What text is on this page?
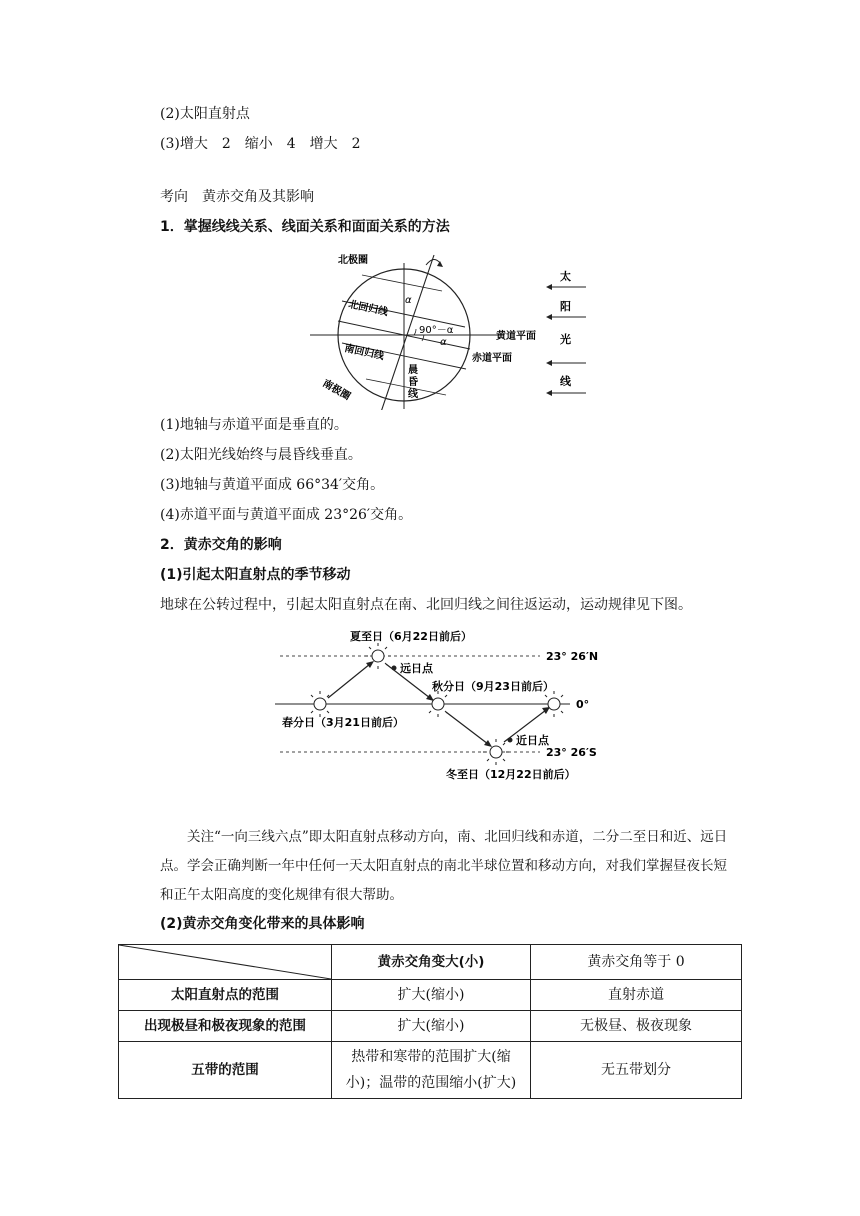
(2)太阳直射点
(3)增大　2　缩小　4　增大　2
考向　黄赤交角及其影响
1．掌握线线关系、线面关系和面面关系的方法
北极圈
北回归线
南回归线
南极圈
α
90°－α
α
黄道平面
赤道平面
晨
昏
线
太
阳
光
线
(1)地轴与赤道平面是垂直的。
(2)太阳光线始终与晨昏线垂直。
(3)地轴与黄道平面成 66°34′交角。
(4)赤道平面与黄道平面成 23°26′交角。
2．黄赤交角的影响
(1)引起太阳直射点的季节移动
地球在公转过程中，引起太阳直射点在南、北回归线之间往返运动，运动规律见下图。
夏至日（6月22日前后）
远日点
秋分日（9月23日前后）
春分日（3月21日前后）
近日点
冬至日（12月22日前后）
23° 26′N
0°
23° 26′S
关注“一向三线六点”即太阳直射点移动方向，南、北回归线和赤道，二分二至日和近、远日点。学会正确判断一年中任何一天太阳直射点的南北半球位置和移动方向，对我们掌握昼夜长短和正午太阳高度的变化规律有很大帮助。
(2)黄赤交角变化带来的具体影响
	黄赤交角变大(小)	黄赤交角等于 0
太阳直射点的范围	扩大(缩小)	直射赤道
出现极昼和极夜现象的范围	扩大(缩小)	无极昼、极夜现象
五带的范围	热带和寒带的范围扩大(缩小)；温带的范围缩小(扩大)	无五带划分
